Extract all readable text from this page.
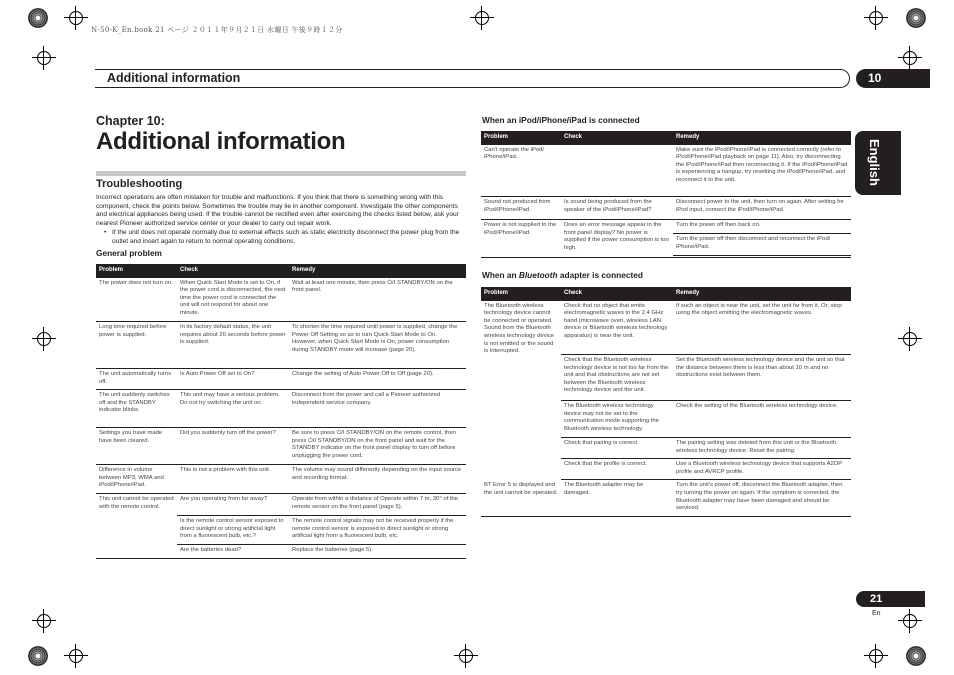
N-50-K_En.book 21 ページ ２０１１年９月２１日 水曜日 午後９時１２分
Additional information	10
English
21
En
Chapter 10:
Additional information
Troubleshooting
Incorrect operations are often mistaken for trouble and malfunctions. If you think that there is something wrong with this component, check the points below. Sometimes the trouble may lie in another component. Investigate the other components and electrical appliances being used. If the trouble cannot be rectified even after exercising the checks listed below, ask your nearest Pioneer authorized service center or your dealer to carry out repair work.
• If the unit does not operate normally due to external effects such as static electricity disconnect the power plug from the outlet and insert again to return to normal operating conditions.
General problem
Problem	Check	Remedy
The power does not turn on.	When Quick Start Mode is set to On, if the power cord is disconnected, the next time the power cord is connected the unit will not respond for about one minute.	Wait at least one minute, then press ⏻/I STANDBY/ON on the front panel.
Long time required before power is supplied.	In its factory default status, the unit requires about 20 seconds before power is supplied.	To shorten the time required until power is supplied, change the Power Off Setting so as to turn Quick Start Mode to On. However, when Quick Start Mode is On, power consumption during STANDBY mode will increase (page 20).
The unit automatically turns off.	Is Auto Power Off set to On?	Change the setting of Auto Power Off to Off (page 20).
The unit suddenly switches off and the STANDBY indicator blinks.	This unit may have a serious problem. Do not try switching the unit on.	Disconnect from the power and call a Pioneer authorized independent service company.
Settings you have made have been cleared.	Did you suddenly turn off the power?	Be sure to press ⏻/I STANDBY/ON on the remote control, then press ⏻/I STANDBY/ON on the front panel and wait for the STANDBY indicator on the front panel display to turn off before unplugging the power cord.
Difference in volume between MP3, WMA and iPod/iPhone/iPad.	This is not a problem with this unit.	The volume may sound differently depending on the input source and recording format.
This unit cannot be operated with the remote control.	Are you operating from far away?	Operate from within a distance of Operate within 7 m, 30° of the remote sensor on the front panel (page 5).
	Is the remote control sensor exposed to direct sunlight or strong artificial light from a fluorescent bulb, etc.?	The remote control signals may not be received properly if the remote control sensor is exposed to direct sunlight or strong artificial light from a fluorescent bulb, etc.
	Are the batteries dead?	Replace the batteries (page 5).
When an iPod/iPhone/iPad is connected
Problem	Check	Remedy
Can't operate the iPod/ iPhone/iPad.		Make sure the iPod/iPhone/iPad is connected correctly (refer to iPod/iPhone/iPad playback on page 11). Also, try disconnecting the iPod/iPhone/iPad then reconnecting it. If the iPod/iPhone/iPad is experiencing a hangup, try resetting the iPod/iPhone/iPad, and reconnect it to the unit.
Sound not produced from iPod/iPhone/iPad.	Is sound being produced from the speaker of the iPod/iPhone/iPad?	Disconnect power to the unit, then turn on again. After setting for iPod input, connect the iPod/iPhone/iPad.
Power is not supplied to the iPod/iPhone/iPad.	Does an error message appear in the front panel display? No power is supplied if the power consumption is too high.	Turn the power off then back on.
		Turn the power off then disconnect and reconnect the iPod/ iPhone/iPad.
When an Bluetooth adapter is connected
Problem	Check	Remedy
The Bluetooth wireless technology device cannot be connected or operated. Sound from the Bluetooth wireless technology device is not emitted or the sound is interrupted.	Check that no object that emits electromagnetic waves in the 2.4 GHz band (microwave oven, wireless LAN device or Bluetooth wireless technology apparatus) is near the unit.	If such an object is near the unit, set the unit far from it. Or, stop using the object emitting the electromagnetic waves.
	Check that the Bluetooth wireless technology device is not too far from the unit and that obstructions are not set between the Bluetooth wireless technology device and the unit.	Set the Bluetooth wireless technology device and the unit so that the distance between them is less than about 10 m and no obstructions exist between them.
	The Bluetooth wireless technology device may not be set to the communication mode supporting the Bluetooth wireless technology.	Check the setting of the Bluetooth wireless technology device.
	Check that pairing is correct.	The pairing setting was deleted from this unit or the Bluetooth wireless technology device. Reset the pairing.
	Check that the profile is correct.	Use a Bluetooth wireless technology device that supports A2DP profile and AVRCP profile.
BT Error 5 is displayed and the unit cannot be operated.	The Bluetooth adapter may be damaged.	Turn the unit's power off, disconnect the Bluetooth adapter, then try turning the power on again. If the symptom is corrected, the Bluetooth adapter may have been damaged and should be serviced.
